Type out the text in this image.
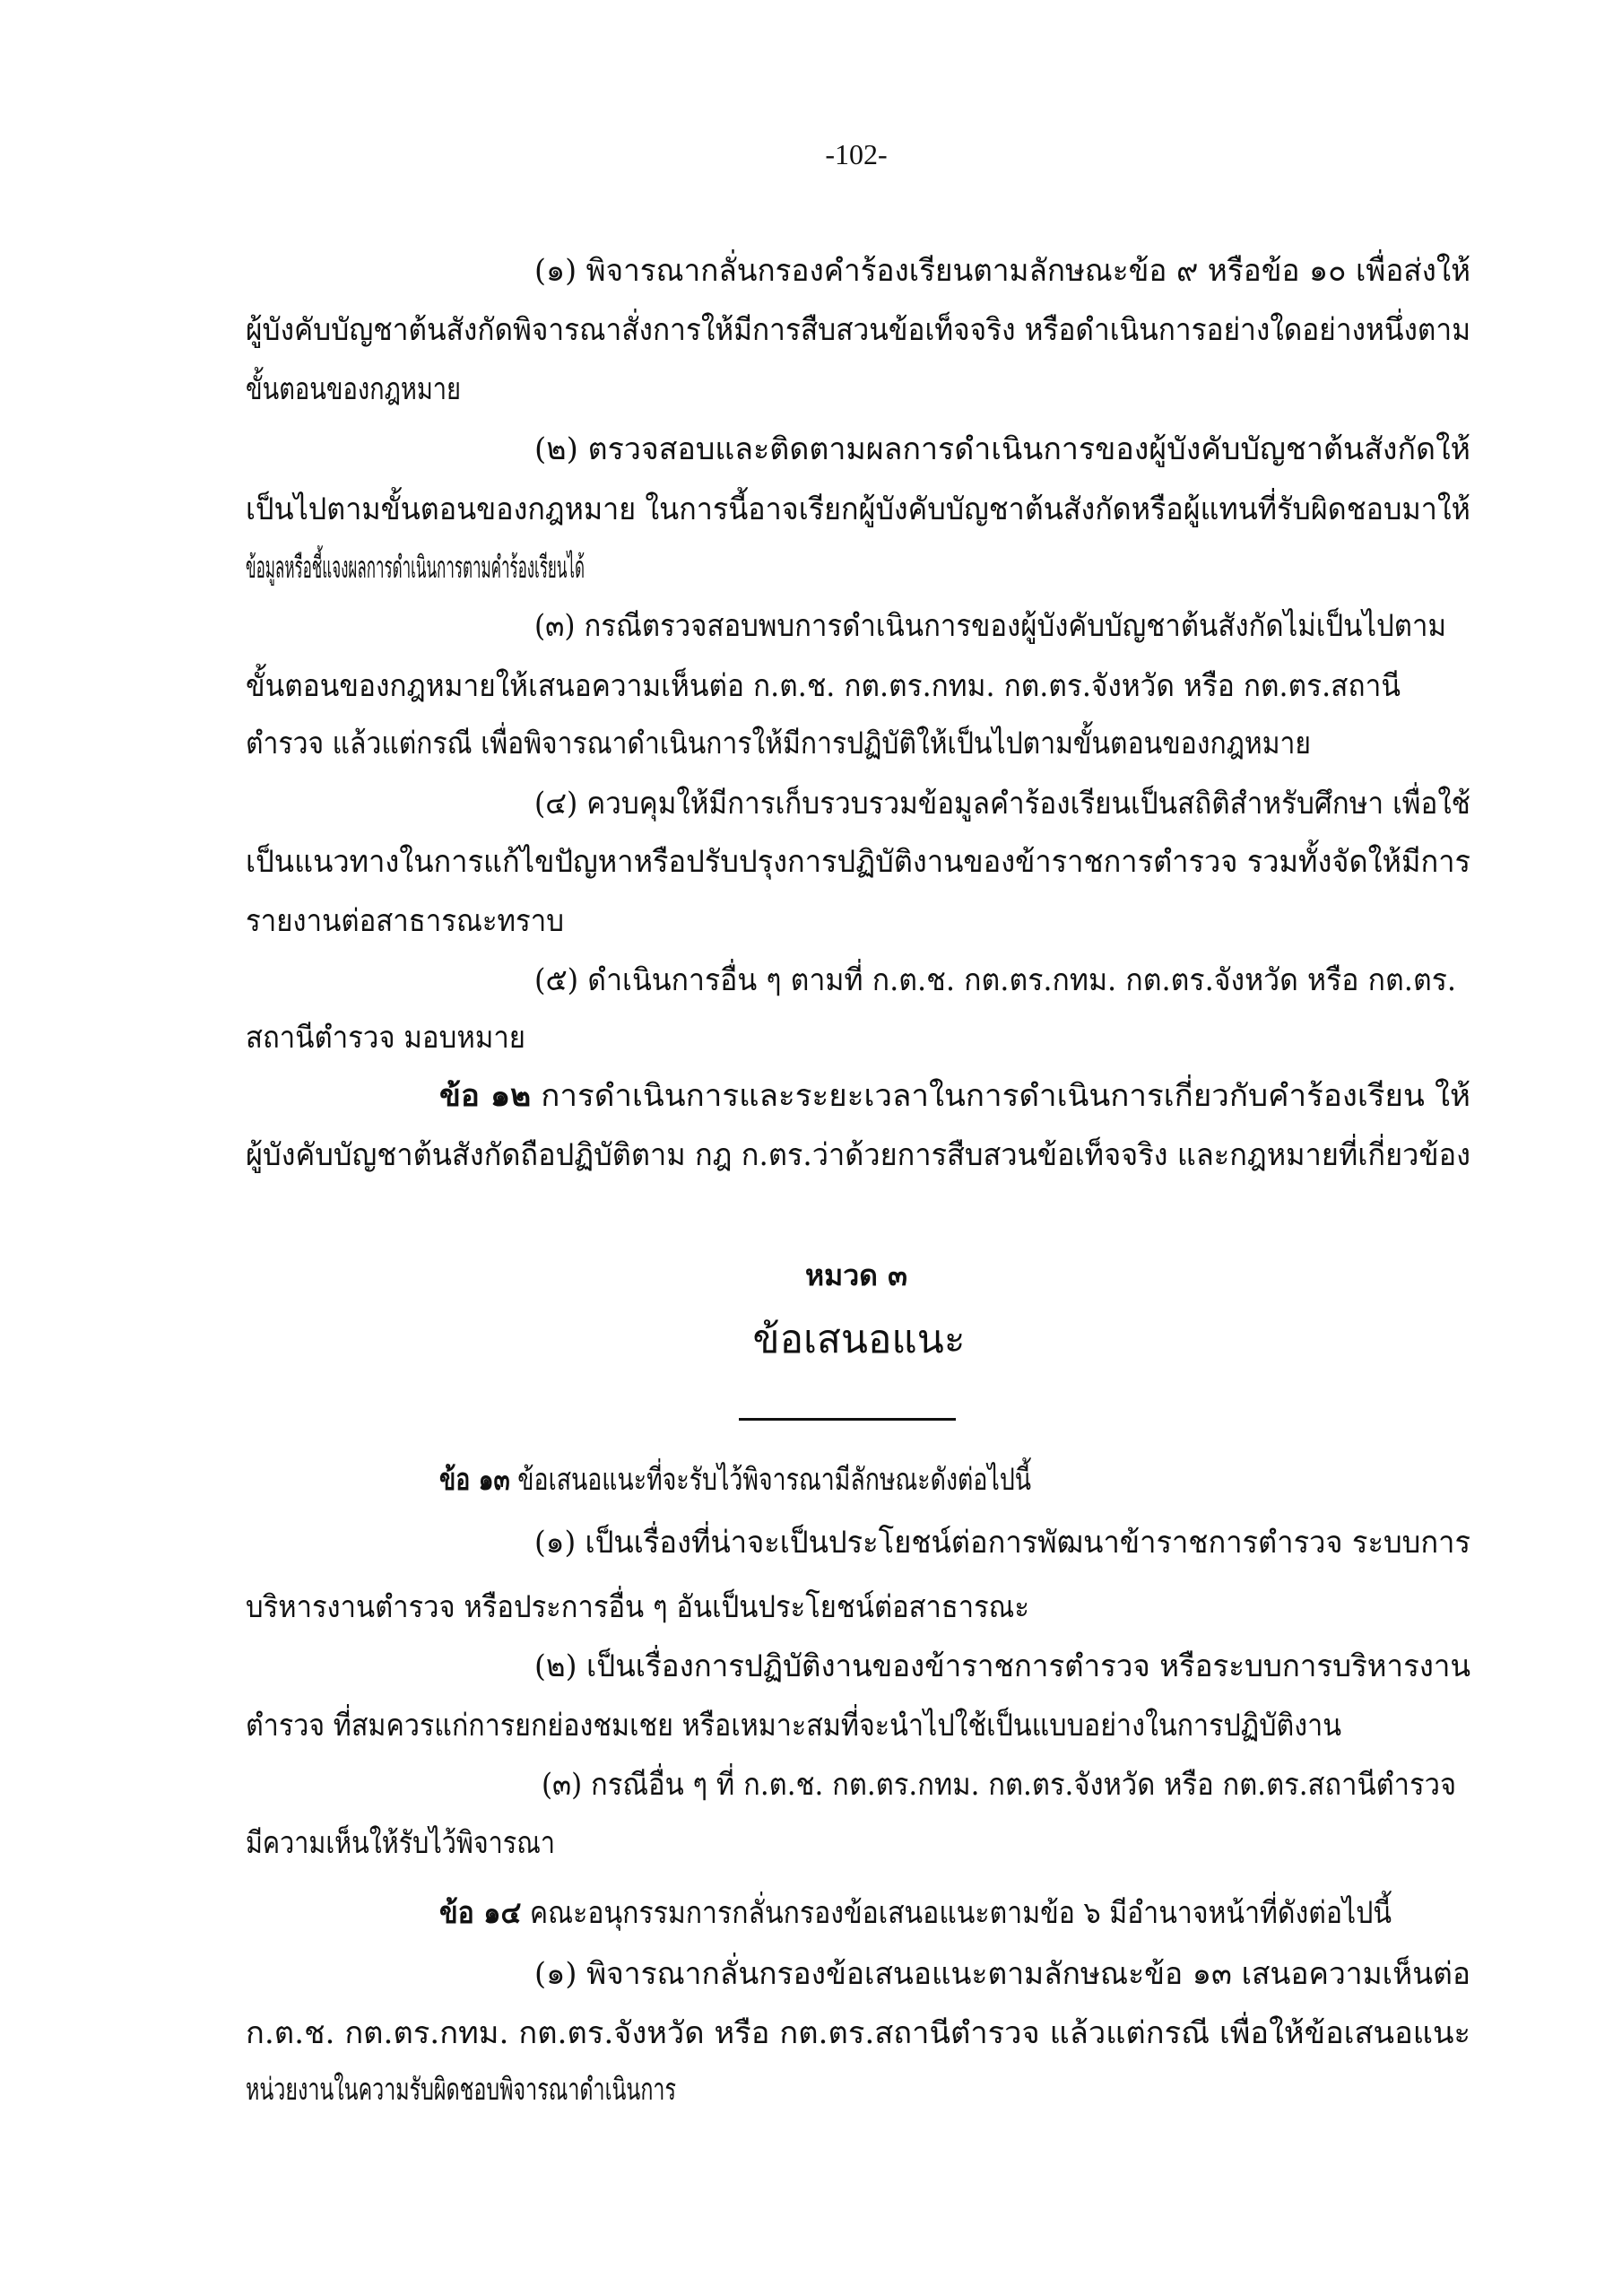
-102-
(๑) พิจารณากลั่นกรองคำร้องเรียนตามลักษณะข้อ ๙ หรือข้อ ๑๐ เพื่อส่งให้
ผู้บังคับบัญชาต้นสังกัดพิจารณาสั่งการให้มีการสืบสวนข้อเท็จจริง หรือดำเนินการอย่างใดอย่างหนึ่งตาม
ขั้นตอนของกฎหมาย
(๒) ตรวจสอบและติดตามผลการดำเนินการของผู้บังคับบัญชาต้นสังกัดให้
เป็นไปตามขั้นตอนของกฎหมาย ในการนี้อาจเรียกผู้บังคับบัญชาต้นสังกัดหรือผู้แทนที่รับผิดชอบมาให้
ข้อมูลหรือชี้แจงผลการดำเนินการตามคำร้องเรียนได้
(๓) กรณีตรวจสอบพบการดำเนินการของผู้บังคับบัญชาต้นสังกัดไม่เป็นไปตาม
ขั้นตอนของกฎหมายให้เสนอความเห็นต่อ ก.ต.ช. กต.ตร.กทม. กต.ตร.จังหวัด หรือ กต.ตร.สถานี
ตำรวจ แล้วแต่กรณี เพื่อพิจารณาดำเนินการให้มีการปฏิบัติให้เป็นไปตามขั้นตอนของกฎหมาย
(๔) ควบคุมให้มีการเก็บรวบรวมข้อมูลคำร้องเรียนเป็นสถิติสำหรับศึกษา เพื่อใช้
เป็นแนวทางในการแก้ไขปัญหาหรือปรับปรุงการปฏิบัติงานของข้าราชการตำรวจ รวมทั้งจัดให้มีการ
รายงานต่อสาธารณะทราบ
(๕) ดำเนินการอื่น ๆ ตามที่ ก.ต.ช. กต.ตร.กทม. กต.ตร.จังหวัด หรือ กต.ตร.
สถานีตำรวจ มอบหมาย
ข้อ ๑๒ การดำเนินการและระยะเวลาในการดำเนินการเกี่ยวกับคำร้องเรียน ให้
ผู้บังคับบัญชาต้นสังกัดถือปฏิบัติตาม กฎ ก.ตร.ว่าด้วยการสืบสวนข้อเท็จจริง และกฎหมายที่เกี่ยวข้อง
ข้อ ๑๓ ข้อเสนอแนะที่จะรับไว้พิจารณามีลักษณะดังต่อไปนี้
(๑) เป็นเรื่องที่น่าจะเป็นประโยชน์ต่อการพัฒนาข้าราชการตำรวจ ระบบการ
บริหารงานตำรวจ หรือประการอื่น ๆ อันเป็นประโยชน์ต่อสาธารณะ
(๒) เป็นเรื่องการปฏิบัติงานของข้าราชการตำรวจ หรือระบบการบริหารงาน
ตำรวจ ที่สมควรแก่การยกย่องชมเชย หรือเหมาะสมที่จะนำไปใช้เป็นแบบอย่างในการปฏิบัติงาน
(๓) กรณีอื่น ๆ ที่ ก.ต.ช. กต.ตร.กทม. กต.ตร.จังหวัด หรือ กต.ตร.สถานีตำรวจ
มีความเห็นให้รับไว้พิจารณา
ข้อ ๑๔ คณะอนุกรรมการกลั่นกรองข้อเสนอแนะตามข้อ ๖ มีอำนาจหน้าที่ดังต่อไปนี้
(๑) พิจารณากลั่นกรองข้อเสนอแนะตามลักษณะข้อ ๑๓ เสนอความเห็นต่อ
ก.ต.ช. กต.ตร.กทม. กต.ตร.จังหวัด หรือ กต.ตร.สถานีตำรวจ แล้วแต่กรณี เพื่อให้ข้อเสนอแนะ
หน่วยงานในความรับผิดชอบพิจารณาดำเนินการ
หมวด ๓
ข้อเสนอแนะ
